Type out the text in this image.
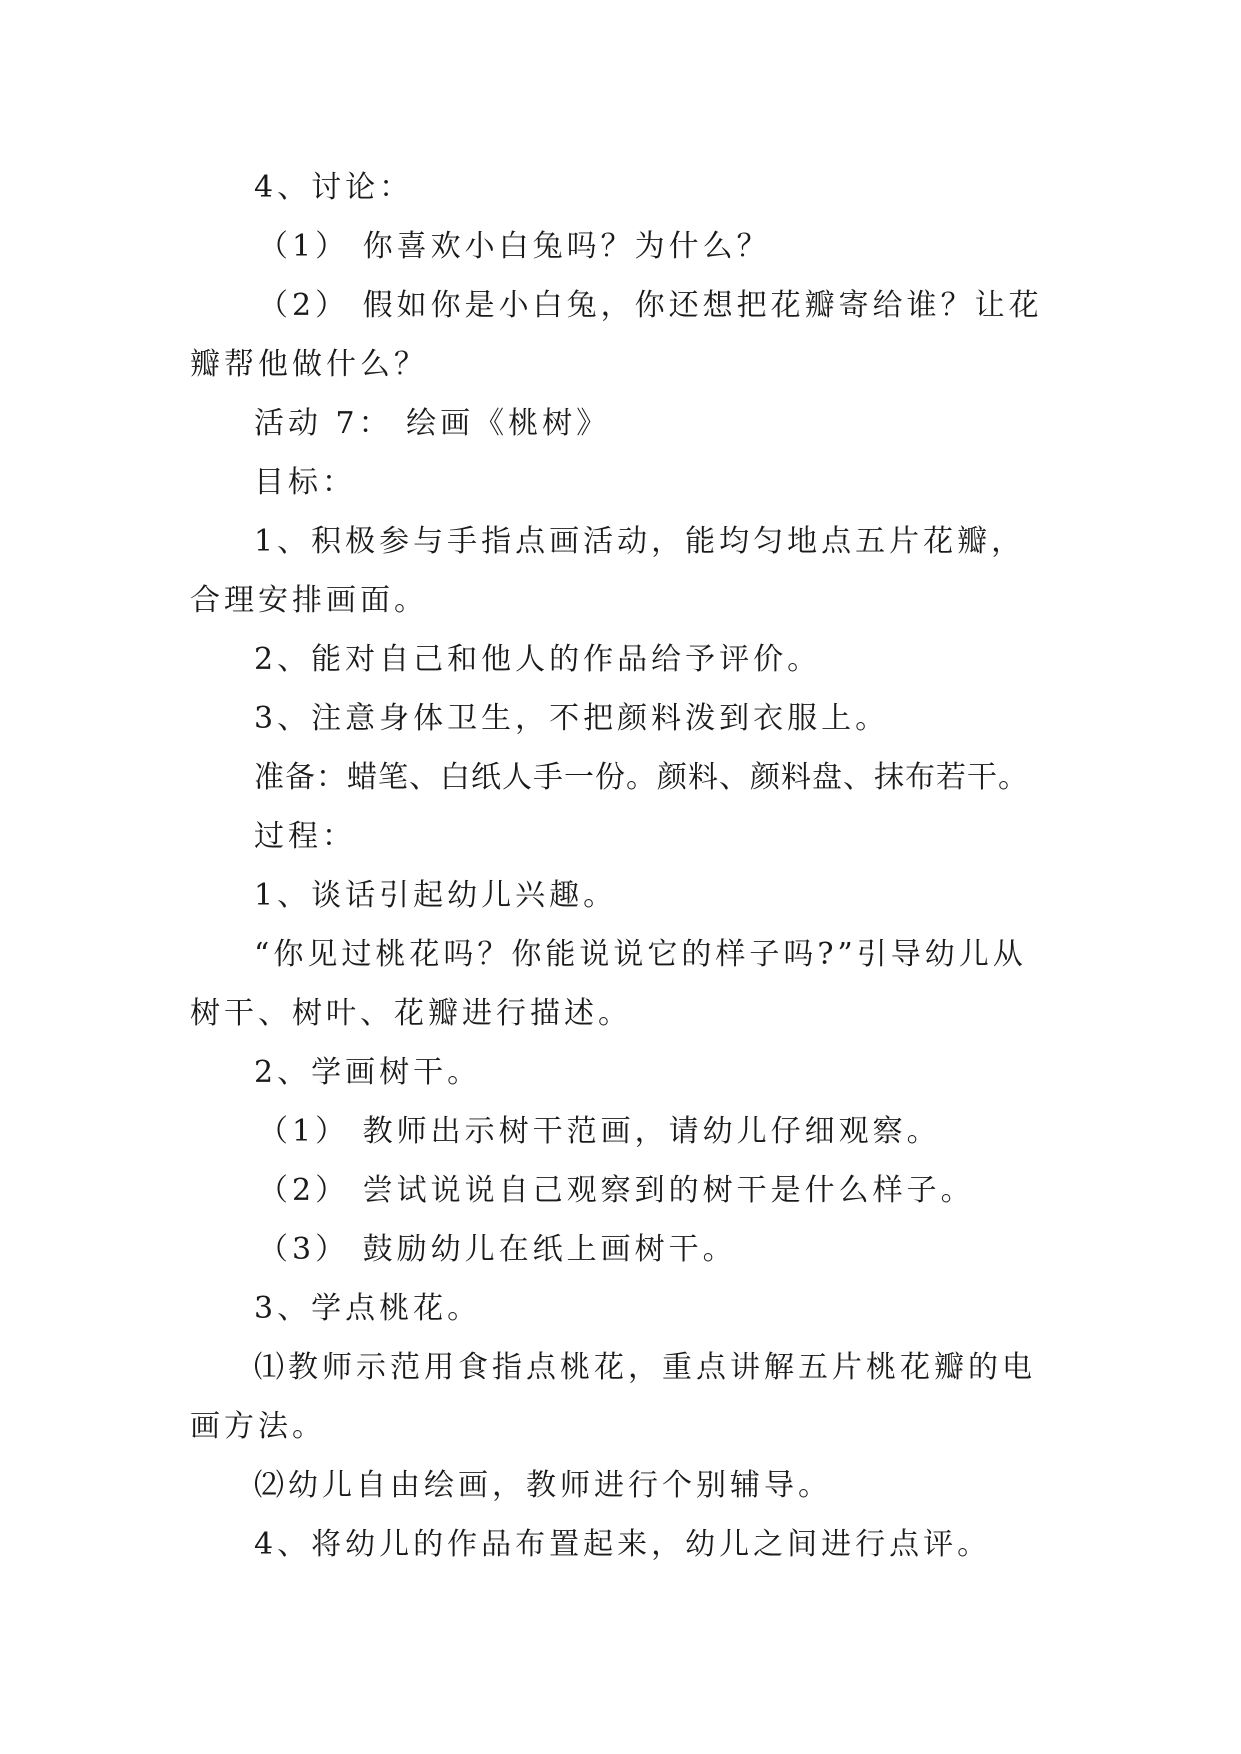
4、讨论：

（1） 你喜欢小白兔吗？为什么？

（2） 假如你是小白兔，你还想把花瓣寄给谁？让花瓣帮他做什么？

活动 7： 绘画《桃树》

目标：

1、积极参与手指点画活动，能均匀地点五片花瓣，合理安排画面。

2、能对自己和他人的作品给予评价。

3、注意身体卫生，不把颜料泼到衣服上。

准备：蜡笔、白纸人手一份。颜料、颜料盘、抹布若干。

过程：

1、谈话引起幼儿兴趣。

“你见过桃花吗？你能说说它的样子吗?”引导幼儿从树干、树叶、花瓣进行描述。

2、学画树干。

（1） 教师出示树干范画，请幼儿仔细观察。

（2） 尝试说说自己观察到的树干是什么样子。

（3） 鼓励幼儿在纸上画树干。

3、学点桃花。

⑴教师示范用食指点桃花，重点讲解五片桃花瓣的电画方法。

⑵幼儿自由绘画，教师进行个别辅导。

4、将幼儿的作品布置起来，幼儿之间进行点评。
